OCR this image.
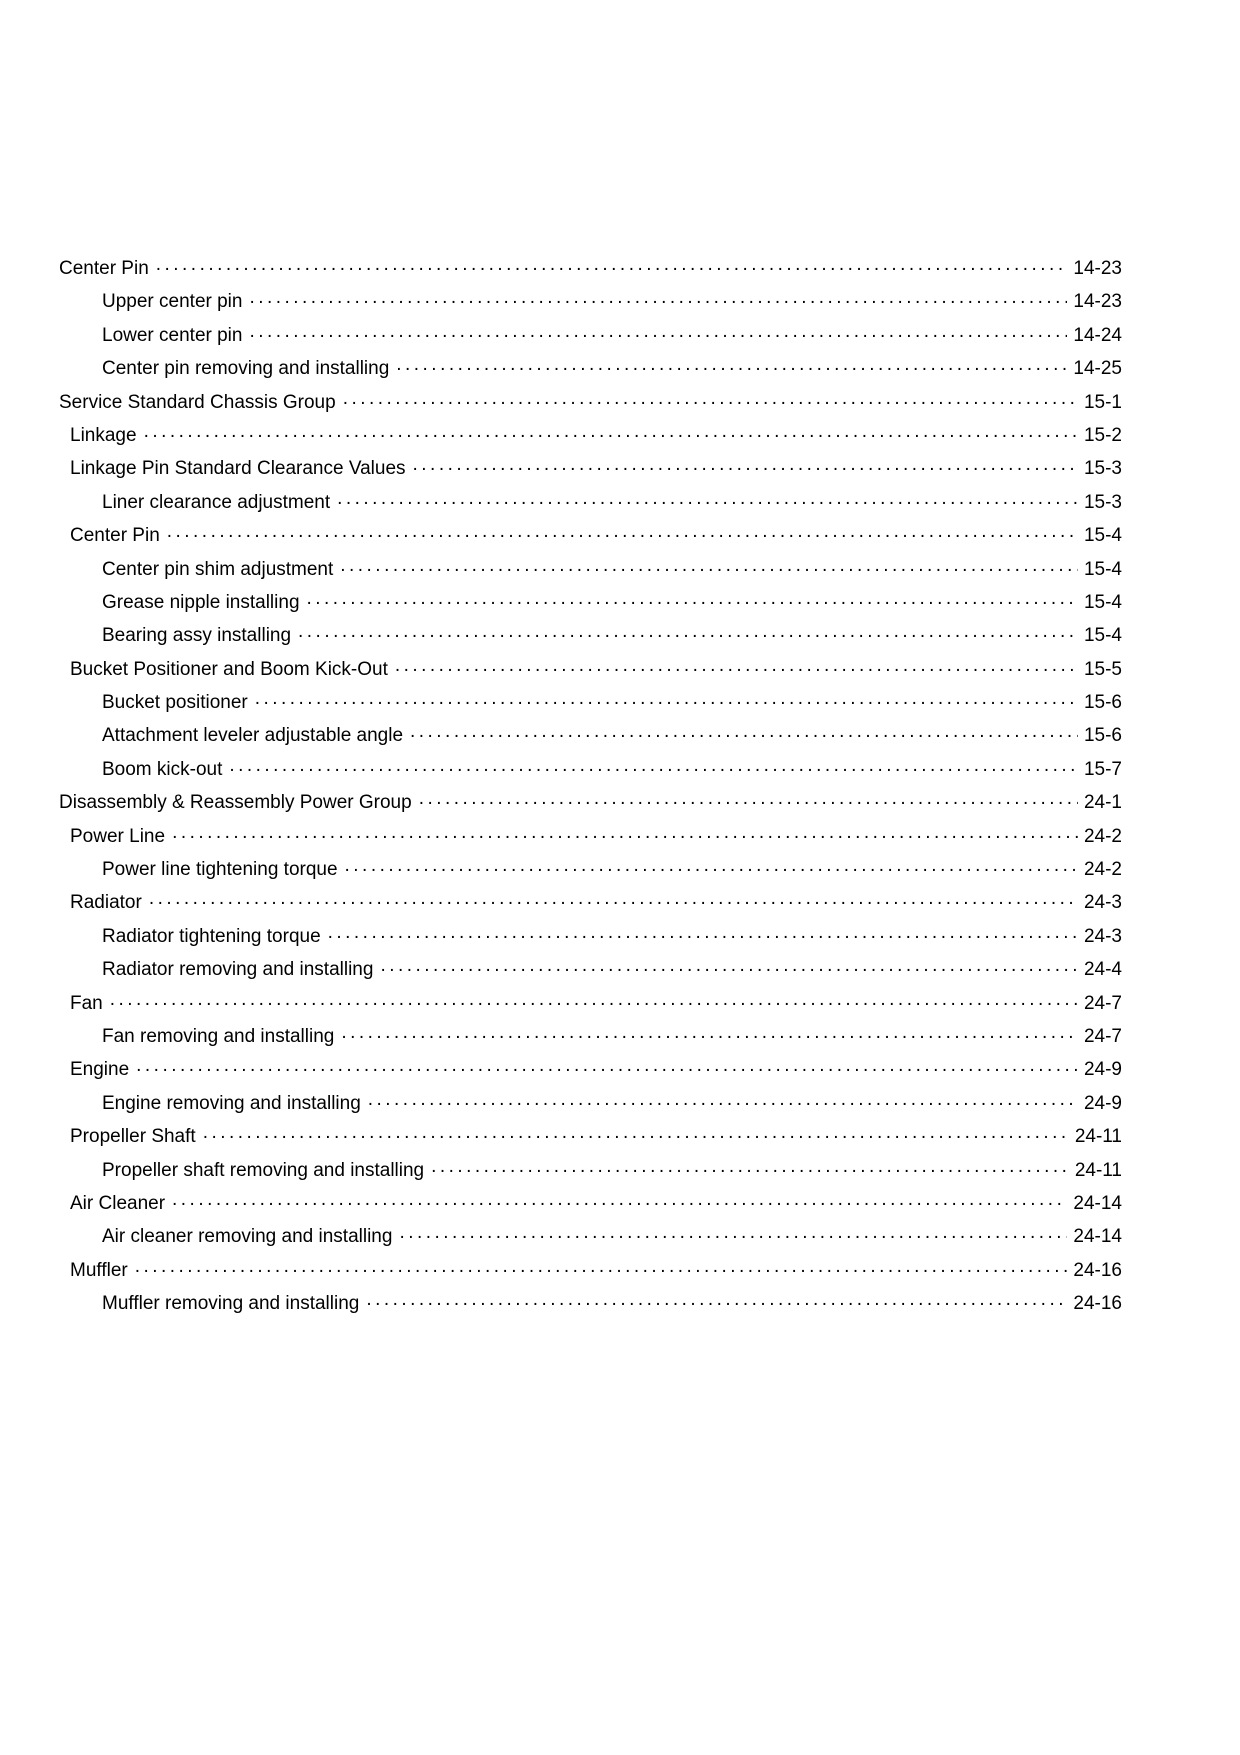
Center Pin . . .	14-23
Upper center pin . . .	14-23
Lower center pin . . .	14-24
Center pin removing and installing . . .	14-25
Service Standard Chassis Group . . .	15-1
Linkage . . .	15-2
Linkage Pin Standard Clearance Values . . .	15-3
Liner clearance adjustment . . .	15-3
Center Pin . . .	15-4
Center pin shim adjustment . . .	15-4
Grease nipple installing . . .	15-4
Bearing assy installing . . .	15-4
Bucket Positioner and Boom Kick-Out . . .	15-5
Bucket positioner . . .	15-6
Attachment leveler adjustable angle . . .	15-6
Boom kick-out . . .	15-7
Disassembly & Reassembly Power Group . . .	24-1
Power Line . . .	24-2
Power line tightening torque . . .	24-2
Radiator . . .	24-3
Radiator tightening torque . . .	24-3
Radiator removing and installing . . .	24-4
Fan . . .	24-7
Fan removing and installing . . .	24-7
Engine . . .	24-9
Engine removing and installing . . .	24-9
Propeller Shaft . . .	24-11
Propeller shaft removing and installing . . .	24-11
Air Cleaner . . .	24-14
Air cleaner removing and installing . . .	24-14
Muffler . . .	24-16
Muffler removing and installing . . .	24-16
